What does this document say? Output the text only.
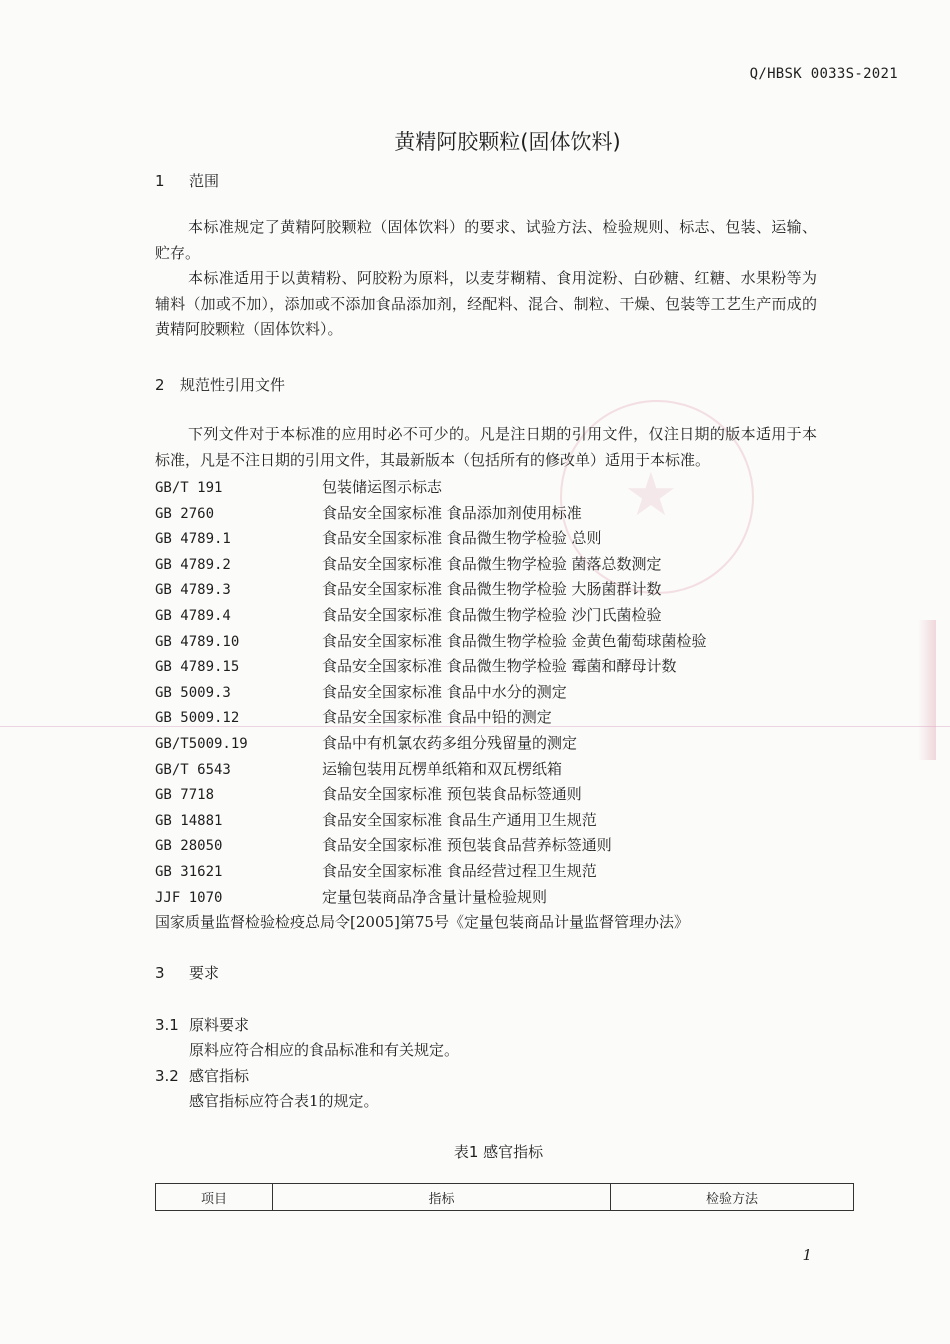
★
Q/HBSK 0033S-2021
黄精阿胶颗粒(固体饮料)
1 范围

本标准规定了黄精阿胶颗粒（固体饮料）的要求、试验方法、检验规则、标志、包装、运输、贮存。

本标准适用于以黄精粉、阿胶粉为原料，以麦芽糊精、食用淀粉、白砂糖、红糖、水果粉等为辅料（加或不加），添加或不添加食品添加剂，经配料、混合、制粒、干燥、包装等工艺生产而成的黄精阿胶颗粒（固体饮料）。

2 规范性引用文件

下列文件对于本标准的应用时必不可少的。凡是注日期的引用文件，仅注日期的版本适用于本标准，凡是不注日期的引用文件，其最新版本（包括所有的修改单）适用于本标准。

GB/T 191	包装储运图示标志
GB 2760	食品安全国家标准 食品添加剂使用标准
GB 4789.1	食品安全国家标准 食品微生物学检验 总则
GB 4789.2	食品安全国家标准 食品微生物学检验 菌落总数测定
GB 4789.3	食品安全国家标准 食品微生物学检验 大肠菌群计数
GB 4789.4	食品安全国家标准 食品微生物学检验 沙门氏菌检验
GB 4789.10	食品安全国家标准 食品微生物学检验 金黄色葡萄球菌检验
GB 4789.15	食品安全国家标准 食品微生物学检验 霉菌和酵母计数
GB 5009.3	食品安全国家标准 食品中水分的测定
GB 5009.12	食品安全国家标准 食品中铅的测定
GB/T5009.19	食品中有机氯农药多组分残留量的测定
GB/T 6543	运输包装用瓦楞单纸箱和双瓦楞纸箱
GB 7718	食品安全国家标准 预包装食品标签通则
GB 14881	食品安全国家标准 食品生产通用卫生规范
GB 28050	食品安全国家标准 预包装食品营养标签通则
GB 31621	食品安全国家标准 食品经营过程卫生规范
JJF 1070	定量包装商品净含量计量检验规则
国家质量监督检验检疫总局令[2005]第75号《定量包装商品计量监督管理办法》
3 要求
3.1 原料要求
原料应符合相应的食品标准和有关规定。
3.2 感官指标
感官指标应符合表1的规定。
表1 感官指标
项目	指标	检验方法
1
